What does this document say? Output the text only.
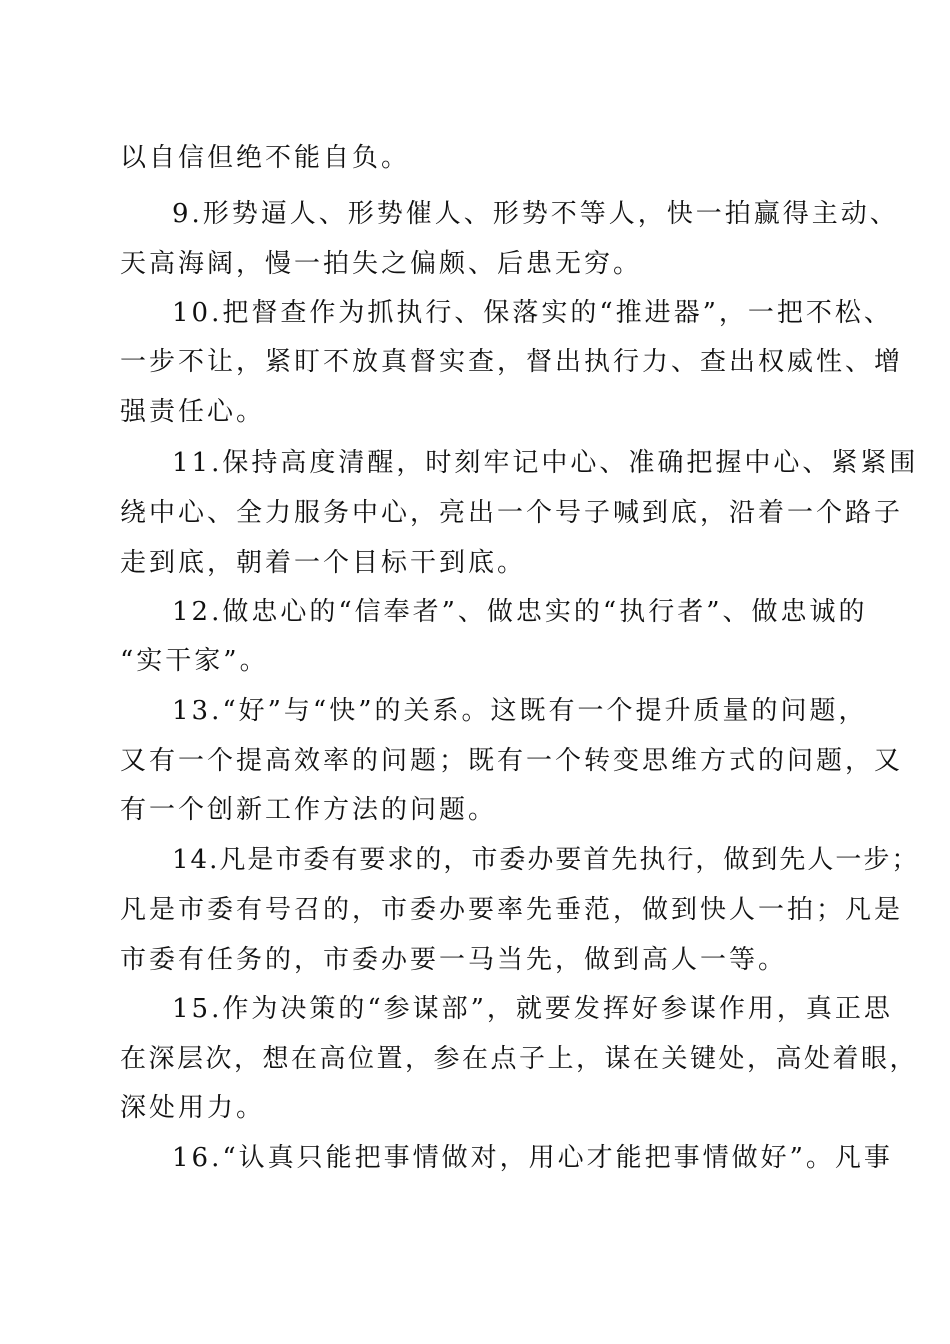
以自信但绝不能自负。
9.形势逼人、形势催人、形势不等人，快一拍赢得主动、
天高海阔，慢一拍失之偏颇、后患无穷。
10.把督查作为抓执行、保落实的“推进器”，一把不松、
一步不让，紧盯不放真督实查，督出执行力、查出权威性、增
强责任心。
11.保持高度清醒，时刻牢记中心、准确把握中心、紧紧围
绕中心、全力服务中心，亮出一个号子喊到底，沿着一个路子
走到底，朝着一个目标干到底。
12.做忠心的“信奉者”、做忠实的“执行者”、做忠诚的
“实干家”。
13.“好”与“快”的关系。这既有一个提升质量的问题，
又有一个提高效率的问题；既有一个转变思维方式的问题，又
有一个创新工作方法的问题。
14.凡是市委有要求的，市委办要首先执行，做到先人一步；
凡是市委有号召的，市委办要率先垂范，做到快人一拍；凡是
市委有任务的，市委办要一马当先，做到高人一等。
15.作为决策的“参谋部”，就要发挥好参谋作用，真正思
在深层次，想在高位置，参在点子上，谋在关键处，高处着眼，
深处用力。
16.“认真只能把事情做对，用心才能把事情做好”。凡事
